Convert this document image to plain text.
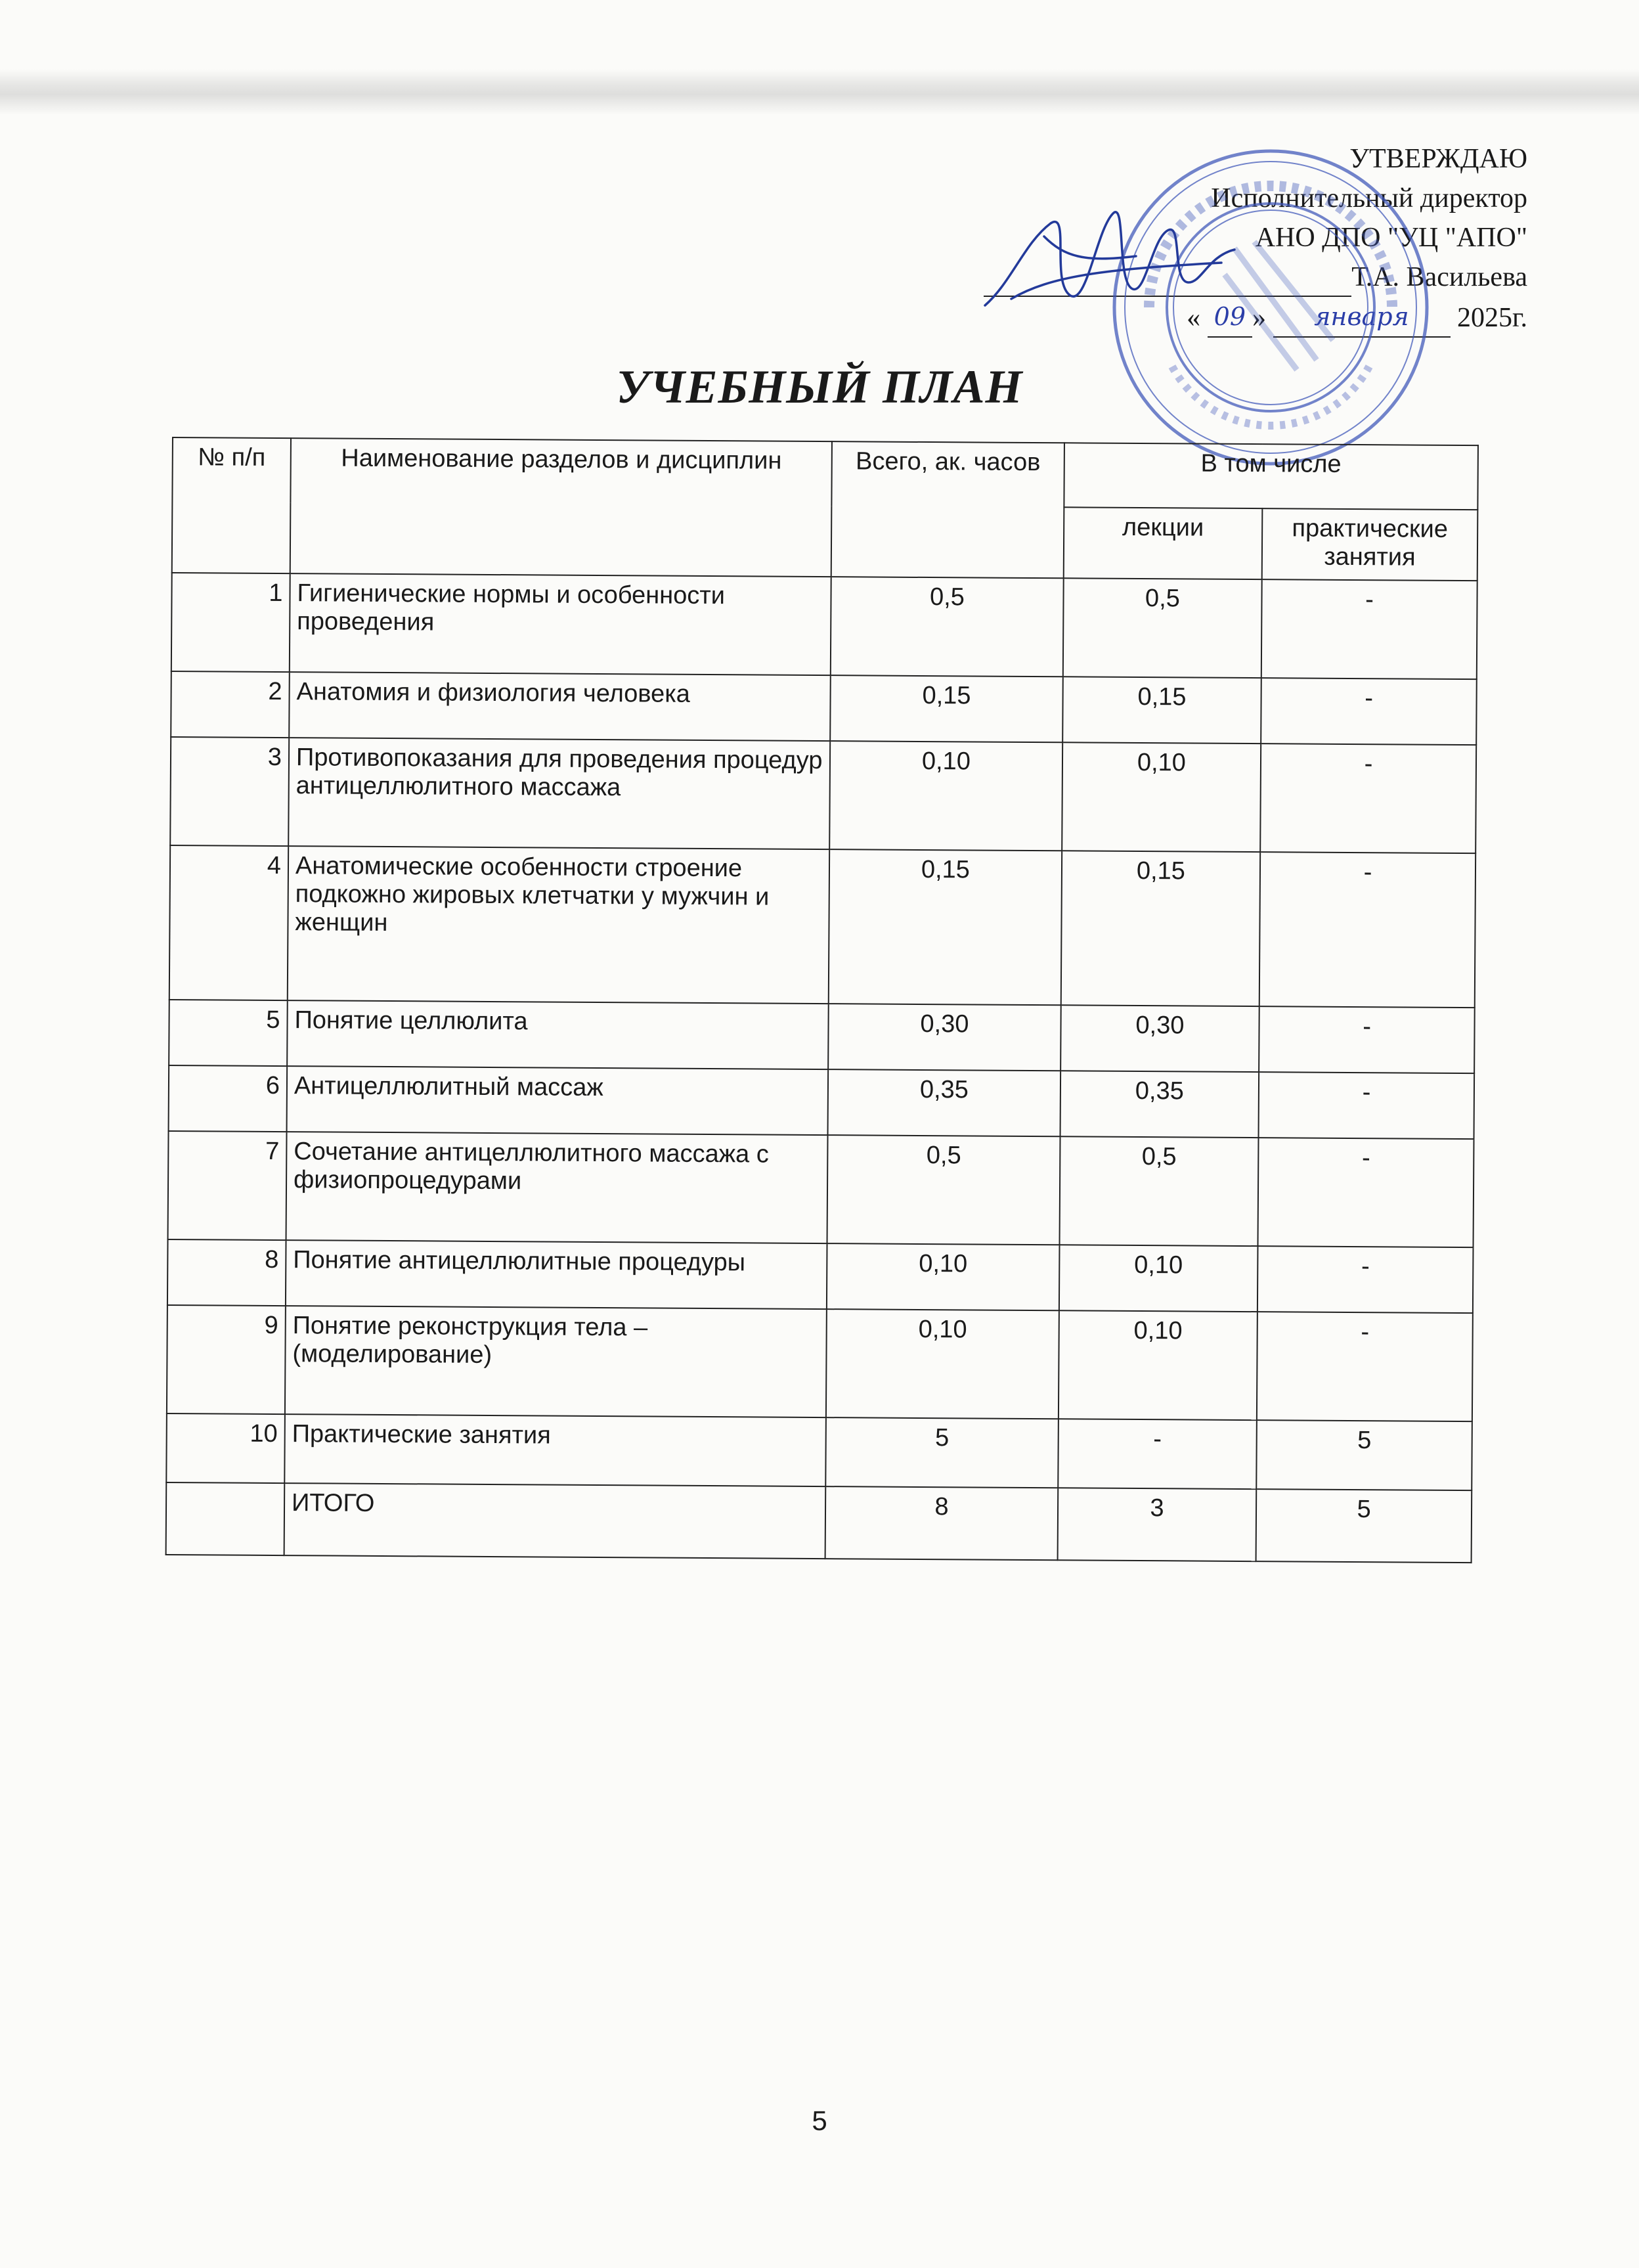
УТВЕРЖДАЮ
Исполнительный директор
АНО ДПО "УЦ "АПО"
Т.А. Васильева
« 09 » января 2025г.
УЧЕБНЫЙ ПЛАН
№ п/п	Наименование разделов и дисциплин	Всего, ак. часов	В том числе	
			лекции	практические занятия
1	Гигиенические нормы и особенности проведения	0,5	0,5	-
2	Анатомия и физиология человека	0,15	0,15	-
3	Противопоказания для проведения процедур антицеллюлитного массажа	0,10	0,10	-
4	Анатомические особенности строение подкожно жировых клетчатки у мужчин и женщин	0,15	0,15	-
5	Понятие целлюлита	0,30	0,30	-
6	Антицеллюлитный массаж	0,35	0,35	-
7	Сочетание антицеллюлитного массажа с физиопроцедурами	0,5	0,5	-
8	Понятие антицеллюлитные процедуры	0,10	0,10	-
9	Понятие реконструкция тела – (моделирование)	0,10	0,10	-
10	Практические занятия	5	-	5
	ИТОГО	8	3	5
5
